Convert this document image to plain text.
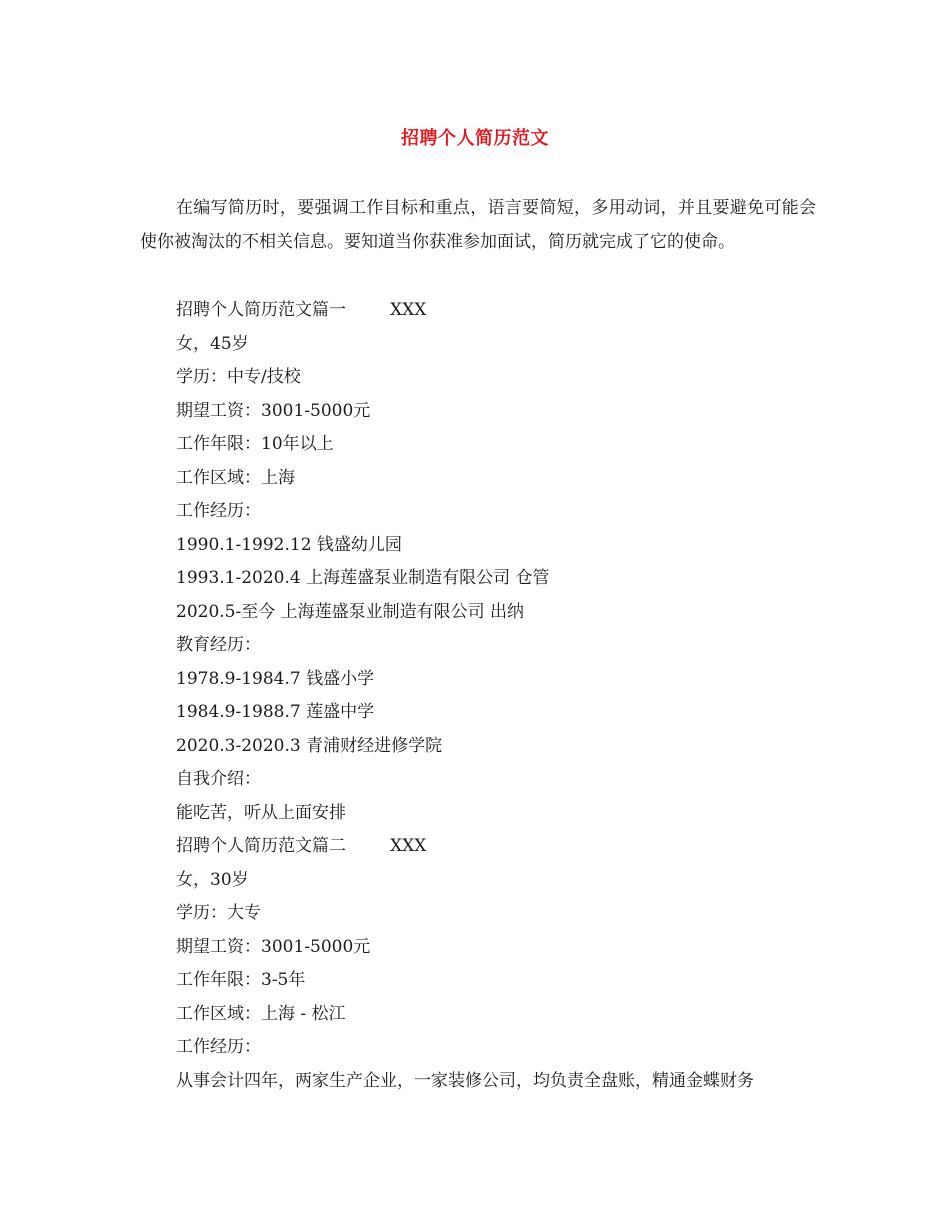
招聘个人简历范文
在编写简历时，要强调工作目标和重点，语言要简短，多用动词，并且要避免可能会使你被淘汰的不相关信息。要知道当你获准参加面试，简历就完成了它的使命。
招聘个人简历范文篇一	XXX
女，45岁
学历：中专/技校
期望工资：3001-5000元
工作年限：10年以上
工作区域：上海
工作经历：
1990.1-1992.12 钱盛幼儿园
1993.1-2020.4 上海莲盛泵业制造有限公司 仓管
2020.5-至今 上海莲盛泵业制造有限公司 出纳
教育经历：
1978.9-1984.7 钱盛小学
1984.9-1988.7 莲盛中学
2020.3-2020.3 青浦财经进修学院
自我介绍：
能吃苦，听从上面安排
招聘个人简历范文篇二	XXX
女，30岁
学历：大专
期望工资：3001-5000元
工作年限：3-5年
工作区域：上海 - 松江
工作经历：
从事会计四年，两家生产企业，一家装修公司，均负责全盘账，精通金蝶财务
